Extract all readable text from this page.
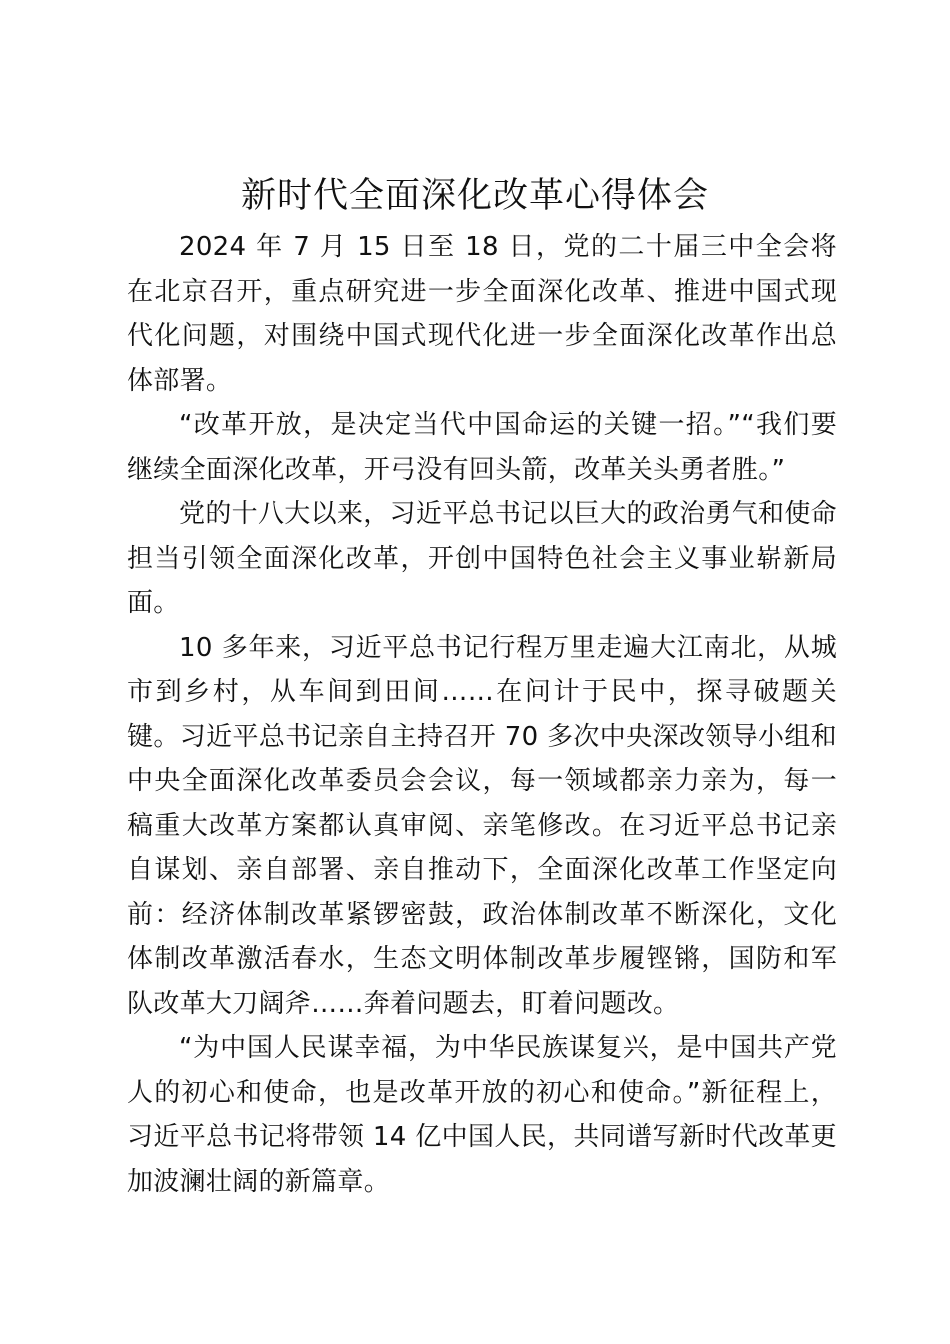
新时代全面深化改革心得体会

2024 年 7 月 15 日至 18 日，党的二十届三中全会将在北京召开，重点研究进一步全面深化改革、推进中国式现代化问题，对围绕中国式现代化进一步全面深化改革作出总体部署。

“改革开放，是决定当代中国命运的关键一招。”“我们要继续全面深化改革，开弓没有回头箭，改革关头勇者胜。”

党的十八大以来，习近平总书记以巨大的政治勇气和使命担当引领全面深化改革，开创中国特色社会主义事业崭新局面。

10 多年来，习近平总书记行程万里走遍大江南北，从城市到乡村，从车间到田间……在问计于民中，探寻破题关键。习近平总书记亲自主持召开 70 多次中央深改领导小组和中央全面深化改革委员会会议，每一领域都亲力亲为，每一稿重大改革方案都认真审阅、亲笔修改。在习近平总书记亲自谋划、亲自部署、亲自推动下，全面深化改革工作坚定向前：经济体制改革紧锣密鼓，政治体制改革不断深化，文化体制改革激活春水，生态文明体制改革步履铿锵，国防和军队改革大刀阔斧……奔着问题去，盯着问题改。

“为中国人民谋幸福，为中华民族谋复兴，是中国共产党人的初心和使命，也是改革开放的初心和使命。”新征程上，习近平总书记将带领 14 亿中国人民，共同谱写新时代改革更加波澜壮阔的新篇章。
